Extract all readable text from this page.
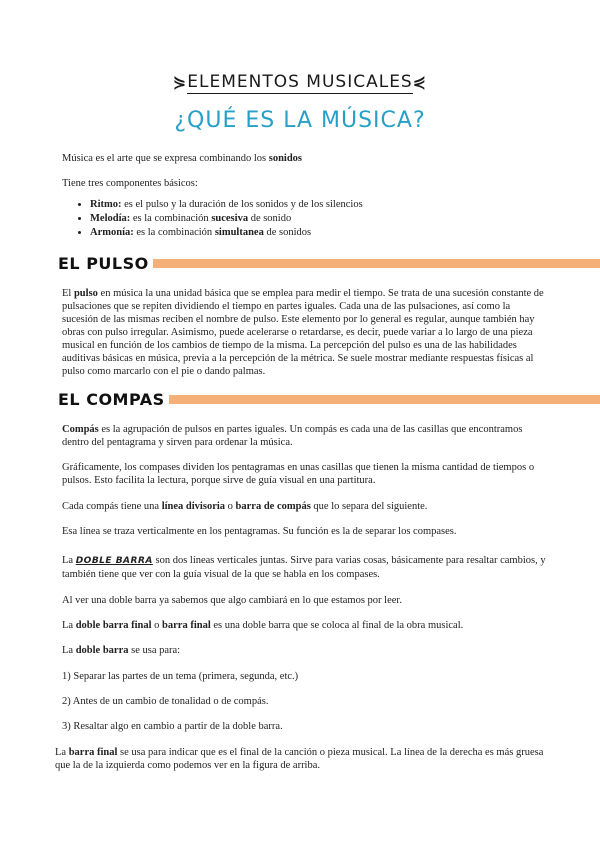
⋟ELEMENTOS MUSICALES⋞
¿QUÉ ES LA MÚSICA?

Música es el arte que se expresa combinando los sonidos

Tiene tres componentes básicos:

• Ritmo: es el pulso y la duración de los sonidos y de los silencios
• Melodía: es la combinación sucesiva de sonido
• Armonía: es la combinación simultanea de sonidos
EL PULSO

El pulso en música la una unidad básica que se emplea para medir el tiempo. Se trata de una sucesión constante de pulsaciones que se repiten dividiendo el tiempo en partes iguales. Cada una de las pulsaciones, así como la sucesión de las mismas reciben el nombre de pulso. Este elemento por lo general es regular, aunque también hay obras con pulso irregular. Asimismo, puede acelerarse o retardarse, es decir, puede variar a lo largo de una pieza musical en función de los cambios de tiempo de la misma. La percepción del pulso es una de las habilidades auditivas básicas en música, previa a la percepción de la métrica. Se suele mostrar mediante respuestas físicas al pulso como marcarlo con el pie o dando palmas.

EL COMPAS

Compás es la agrupación de pulsos en partes iguales. Un compás es cada una de las casillas que encontramos dentro del pentagrama y sirven para ordenar la música.

Gráficamente, los compases dividen los pentagramas en unas casillas que tienen la misma cantidad de tiempos o pulsos. Esto facilita la lectura, porque sirve de guía visual en una partitura.

Cada compás tiene una línea divisoria o barra de compás que lo separa del siguiente.

Esa línea se traza verticalmente en los pentagramas. Su función es la de separar los compases.

La DOBLE BARRA son dos líneas verticales juntas. Sirve para varias cosas, básicamente para resaltar cambios, y también tiene que ver con la guía visual de la que se habla en los compases.

Al ver una doble barra ya sabemos que algo cambiará en lo que estamos por leer.

La doble barra final o barra final es una doble barra que se coloca al final de la obra musical.

La doble barra se usa para:

1) Separar las partes de un tema (primera, segunda, etc.)

2) Antes de un cambio de tonalidad o de compás.

3) Resaltar algo en cambio a partir de la doble barra.

La barra final se usa para indicar que es el final de la canción o pieza musical. La línea de la derecha es más gruesa que la de la izquierda como podemos ver en la figura de arriba.
